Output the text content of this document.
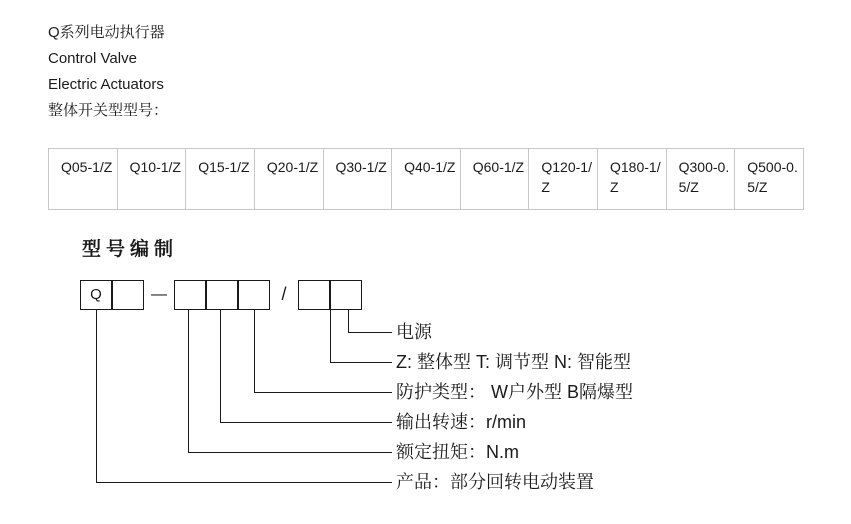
Q系列电动执行器
Control Valve
Electric Actuators
整体开关型型号：
Q05-1/Z	Q10-1/Z	Q15-1/Z	Q20-1/Z	Q30-1/Z	Q40-1/Z	Q60-1/Z	Q120-1/Z	Q180-1/Z	Q300-0.5/Z	Q500-0.5/Z
型号编制
Q	—	/
电源
Z: 整体型 T: 调节型 N: 智能型
防护类型： W户外型 B隔爆型
输出转速：r/min
额定扭矩：N.m
产品：部分回转电动装置
